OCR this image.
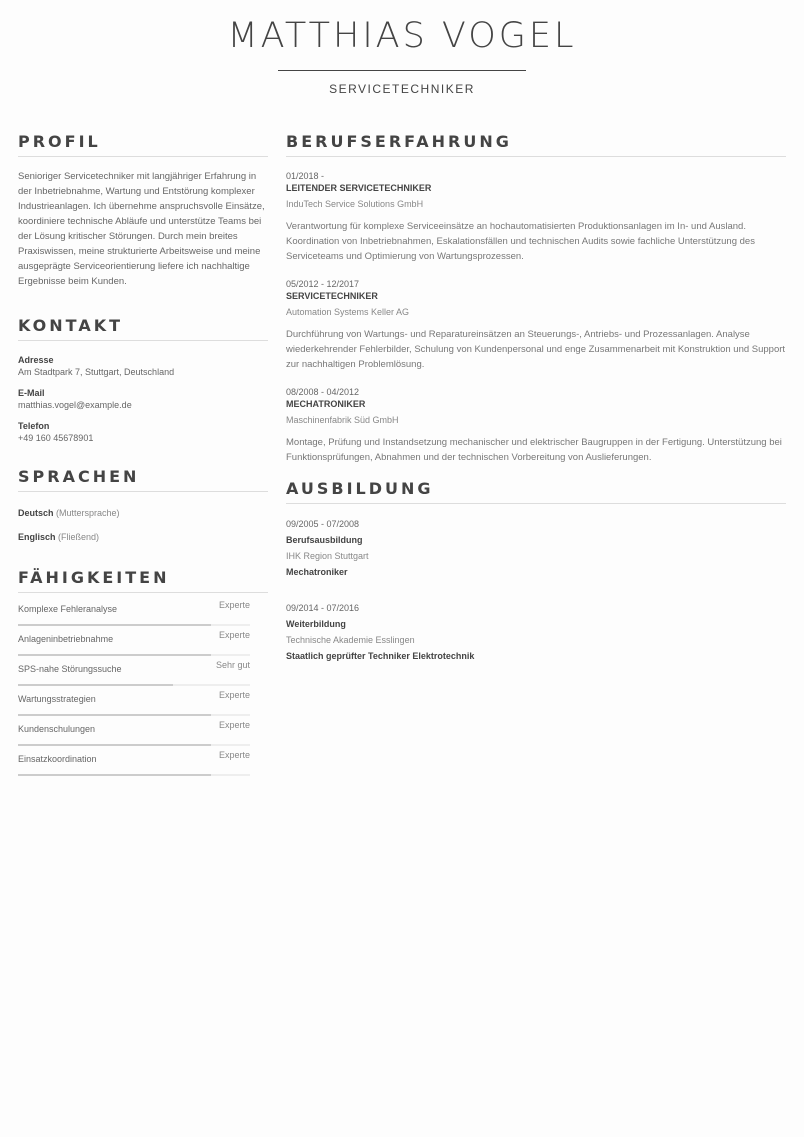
MATTHIAS VOGEL
SERVICETECHNIKER
PROFIL
Senioriger Servicetechniker mit langjähriger Erfahrung in der Inbetriebnahme, Wartung und Entstörung komplexer Industrieanlagen. Ich übernehme anspruchsvolle Einsätze, koordiniere technische Abläufe und unterstütze Teams bei der Lösung kritischer Störungen. Durch mein breites Praxiswissen, meine strukturierte Arbeitsweise und meine ausgeprägte Serviceorientierung liefere ich nachhaltige Ergebnisse beim Kunden.
KONTAKT
Adresse
Am Stadtpark 7, Stuttgart, Deutschland
E-Mail
matthias.vogel@example.de
Telefon
+49 160 45678901
SPRACHEN
Deutsch (Muttersprache)
Englisch (Fließend)
FÄHIGKEITEN
Komplexe Fehleranalyse	Experte
Anlageninbetriebnahme	Experte
SPS-nahe Störungssuche	Sehr gut
Wartungsstrategien	Experte
Kundenschulungen	Experte
Einsatzkoordination	Experte
BERUFSERFAHRUNG
01/2018 -
LEITENDER SERVICETECHNIKER
InduTech Service Solutions GmbH
Verantwortung für komplexe Serviceeinsätze an hochautomatisierten Produktionsanlagen im In- und Ausland. Koordination von Inbetriebnahmen, Eskalationsfällen und technischen Audits sowie fachliche Unterstützung des Serviceteams und Optimierung von Wartungsprozessen.
05/2012 - 12/2017
SERVICETECHNIKER
Automation Systems Keller AG
Durchführung von Wartungs- und Reparatureinsätzen an Steuerungs-, Antriebs- und Prozessanlagen. Analyse wiederkehrender Fehlerbilder, Schulung von Kundenpersonal und enge Zusammenarbeit mit Konstruktion und Support zur nachhaltigen Problemlösung.
08/2008 - 04/2012
MECHATRONIKER
Maschinenfabrik Süd GmbH
Montage, Prüfung und Instandsetzung mechanischer und elektrischer Baugruppen in der Fertigung. Unterstützung bei Funktionsprüfungen, Abnahmen und der technischen Vorbereitung von Auslieferungen.
AUSBILDUNG
09/2005 - 07/2008
Berufsausbildung
IHK Region Stuttgart
Mechatroniker
09/2014 - 07/2016
Weiterbildung
Technische Akademie Esslingen
Staatlich geprüfter Techniker Elektrotechnik
